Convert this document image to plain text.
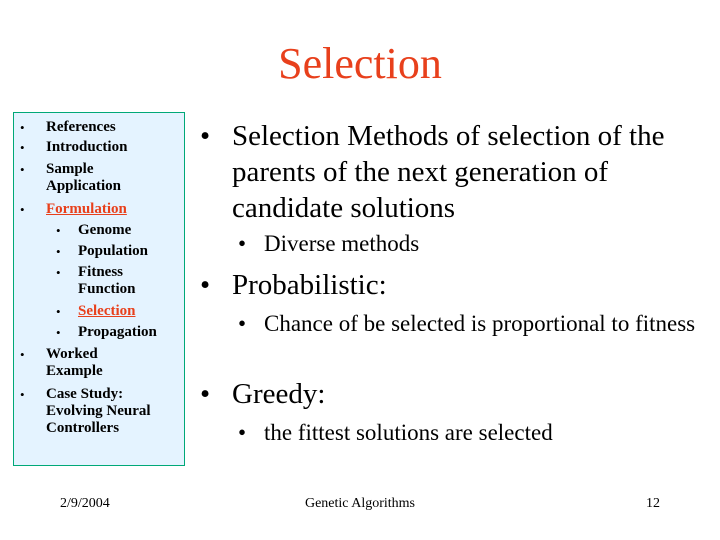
Selection
•	References
•	Introduction
•	Sample Application
•	Formulation
•	Genome
•	Population
•	Fitness Function
•	Selection
•	Propagation
•	Worked Example
•	Case Study: Evolving Neural Controllers
• Selection Methods of selection of the parents of the next generation of candidate solutions
• Diverse methods
• Probabilistic:
• Chance of be selected is proportional to fitness
• Greedy:
• the fittest solutions are selected
2/9/2004	Genetic Algorithms	12
